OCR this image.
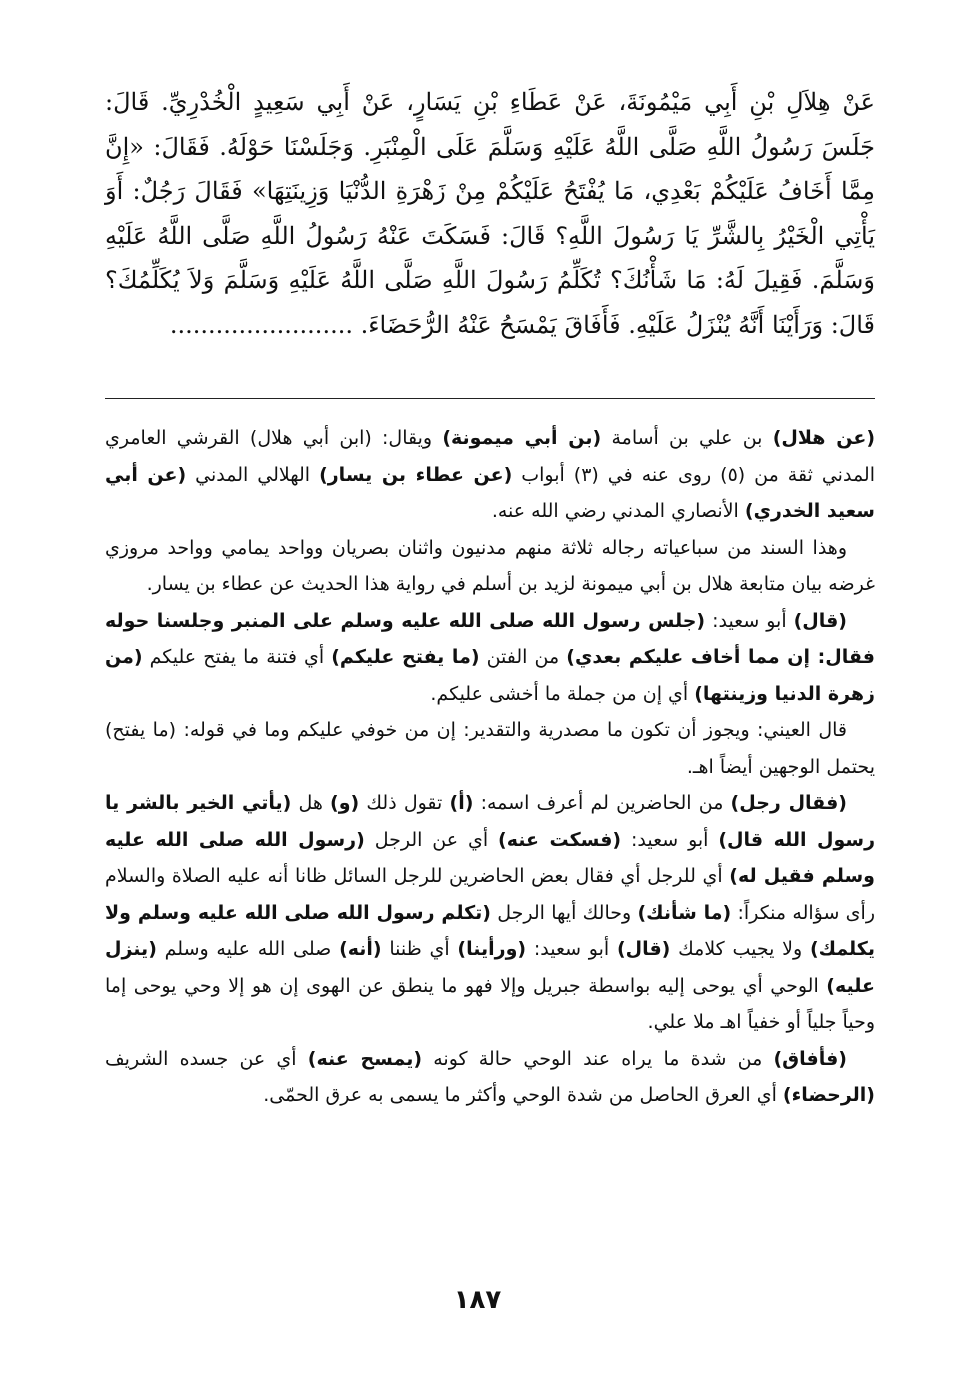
عَنْ هِلاَلِ بْنِ أَبِي مَيْمُونَةَ، عَنْ عَطَاءِ بْنِ يَسَارٍ، عَنْ أَبِي سَعِيدٍ الْخُدْرِيِّ. قَالَ: جَلَسَ رَسُولُ اللَّهِ صَلَّى اللَّهُ عَلَيْهِ وَسَلَّمَ عَلَى الْمِنْبَرِ. وَجَلَسْنَا حَوْلَهُ. فَقَالَ: «إِنَّ مِمَّا أَخَافُ عَلَيْكُمْ بَعْدِي، مَا يُفْتَحُ عَلَيْكُمْ مِنْ زَهْرَةِ الدُّنْيَا وَزِينَتِهَا» فَقَالَ رَجُلٌ: أَوَ يَأْتِي الْخَيْرُ بِالشَّرِّ يَا رَسُولَ اللَّهِ؟ قَالَ: فَسَكَتَ عَنْهُ رَسُولُ اللَّهِ صَلَّى اللَّهُ عَلَيْهِ وَسَلَّمَ. فَقِيلَ لَهُ: مَا شَأْنُكَ؟ تُكَلِّمُ رَسُولَ اللَّهِ صَلَّى اللَّهُ عَلَيْهِ وَسَلَّمَ وَلاَ يُكَلِّمُكَ؟ قَالَ: وَرَأَيْنَا أَنَّهُ يُنْزَلُ عَلَيْهِ. فَأَفَاقَ يَمْسَحُ عَنْهُ الرُّحَضَاءَ. ........................

(عن هلال) بن علي بن أسامة (بن أبي ميمونة) ويقال: (ابن أبي هلال) القرشي العامري المدني ثقة من (٥) روى عنه في (٣) أبواب (عن عطاء بن يسار) الهلالي المدني (عن أبي سعيد الخدري) الأنصاري المدني رضي الله عنه.

وهذا السند من سباعياته رجاله ثلاثة منهم مدنيون واثنان بصريان وواحد يمامي وواحد مروزي غرضه بيان متابعة هلال بن أبي ميمونة لزيد بن أسلم في رواية هذا الحديث عن عطاء بن يسار.

(قال) أبو سعيد: (جلس رسول الله صلى الله عليه وسلم على المنبر وجلسنا حوله فقال: إن مما أخاف عليكم بعدي) من الفتن (ما يفتح عليكم) أي فتنة ما يفتح عليكم (من زهرة الدنيا وزينتها) أي إن من جملة ما أخشى عليكم.

قال العيني: ويجوز أن تكون ما مصدرية والتقدير: إن من خوفي عليكم وما في قوله: (ما يفتح) يحتمل الوجهين أيضاً اهـ.

(فقال رجل) من الحاضرين لم أعرف اسمه: (أ) تقول ذلك (و) هل (يأتي الخير بالشر يا رسول الله قال) أبو سعيد: (فسكت عنه) أي عن الرجل (رسول الله صلى الله عليه وسلم فقيل له) أي للرجل أي فقال بعض الحاضرين للرجل السائل ظانا أنه عليه الصلاة والسلام رأى سؤاله منكراً: (ما شأنك) وحالك أيها الرجل (تكلم رسول الله صلى الله عليه وسلم ولا يكلمك) ولا يجيب كلامك (قال) أبو سعيد: (ورأينا) أي ظننا (أنه) صلى الله عليه وسلم (ينزل عليه) الوحي أي يوحى إليه بواسطة جبريل وإلا فهو ما ينطق عن الهوى إن هو إلا وحي يوحى إما وحياً جلياً أو خفياً اهـ ملا علي.

(فأفاق) من شدة ما يراه عند الوحي حالة كونه (يمسح عنه) أي عن جسده الشريف (الرحضاء) أي العرق الحاصل من شدة الوحي وأكثر ما يسمى به عرق الحمّى.

١٨٧
